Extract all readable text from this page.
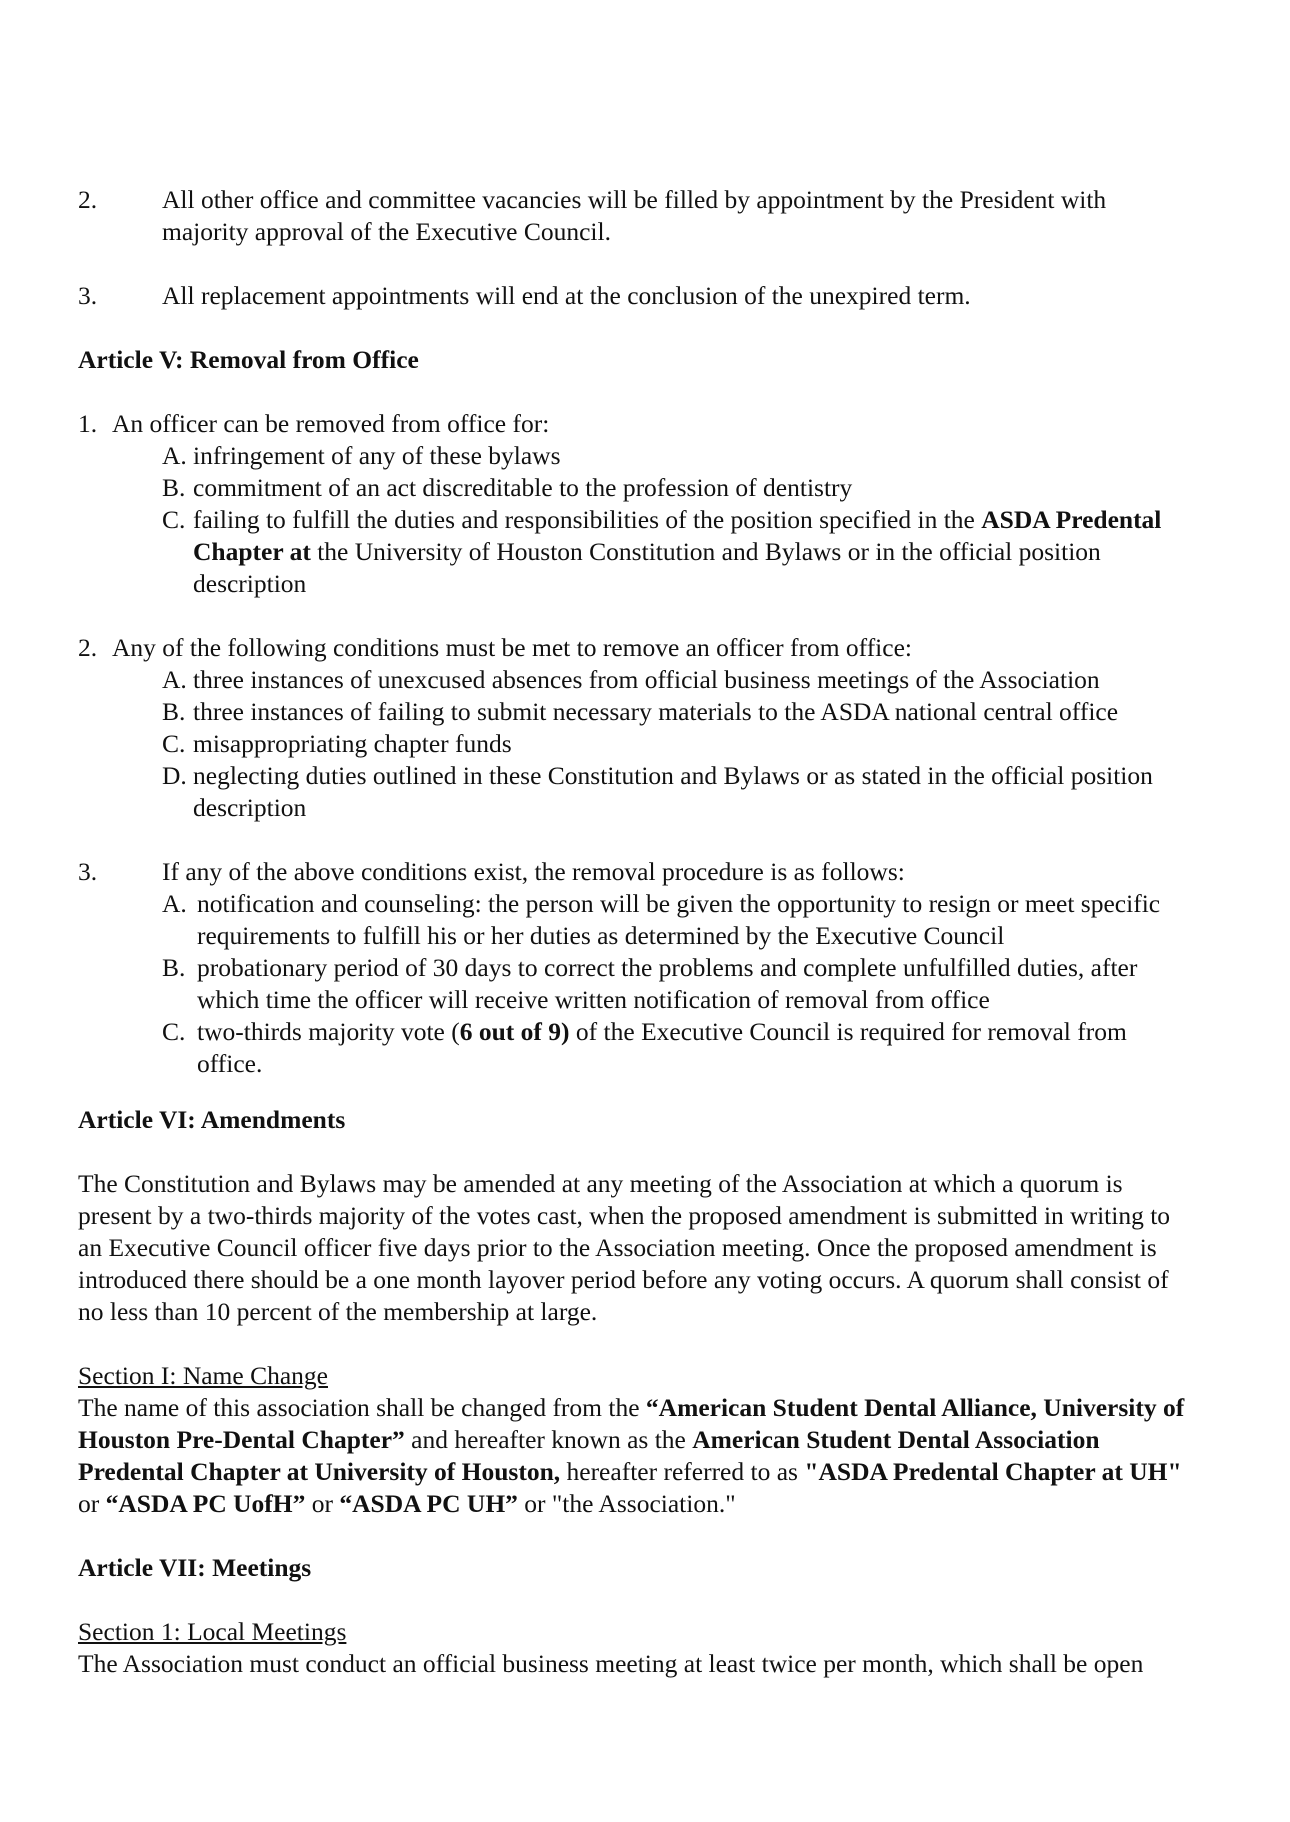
2.	All other office and committee vacancies will be filled by appointment by the President with majority approval of the Executive Council.
3.	All replacement appointments will end at the conclusion of the unexpired term.
Article V: Removal from Office
1. An officer can be removed from office for:
A. infringement of any of these bylaws
B. commitment of an act discreditable to the profession of dentistry
C. failing to fulfill the duties and responsibilities of the position specified in the ASDA Predental Chapter at the University of Houston Constitution and Bylaws or in the official position description
2. Any of the following conditions must be met to remove an officer from office:
A. three instances of unexcused absences from official business meetings of the Association
B. three instances of failing to submit necessary materials to the ASDA national central office
C. misappropriating chapter funds
D. neglecting duties outlined in these Constitution and Bylaws or as stated in the official position description
3.	If any of the above conditions exist, the removal procedure is as follows:
A. notification and counseling: the person will be given the opportunity to resign or meet specific requirements to fulfill his or her duties as determined by the Executive Council
B. probationary period of 30 days to correct the problems and complete unfulfilled duties, after which time the officer will receive written notification of removal from office
C. two-thirds majority vote (6 out of 9) of the Executive Council is required for removal from office.
Article VI: Amendments
The Constitution and Bylaws may be amended at any meeting of the Association at which a quorum is present by a two-thirds majority of the votes cast, when the proposed amendment is submitted in writing to an Executive Council officer five days prior to the Association meeting. Once the proposed amendment is introduced there should be a one month layover period before any voting occurs. A quorum shall consist of no less than 10 percent of the membership at large.
Section I: Name Change
The name of this association shall be changed from the “American Student Dental Alliance, University of Houston Pre-Dental Chapter” and hereafter known as the American Student Dental Association Predental Chapter at University of Houston, hereafter referred to as "ASDA Predental Chapter at UH" or “ASDA PC UofH” or “ASDA PC UH” or "the Association."
Article VII: Meetings
Section 1: Local Meetings
The Association must conduct an official business meeting at least twice per month, which shall be open
